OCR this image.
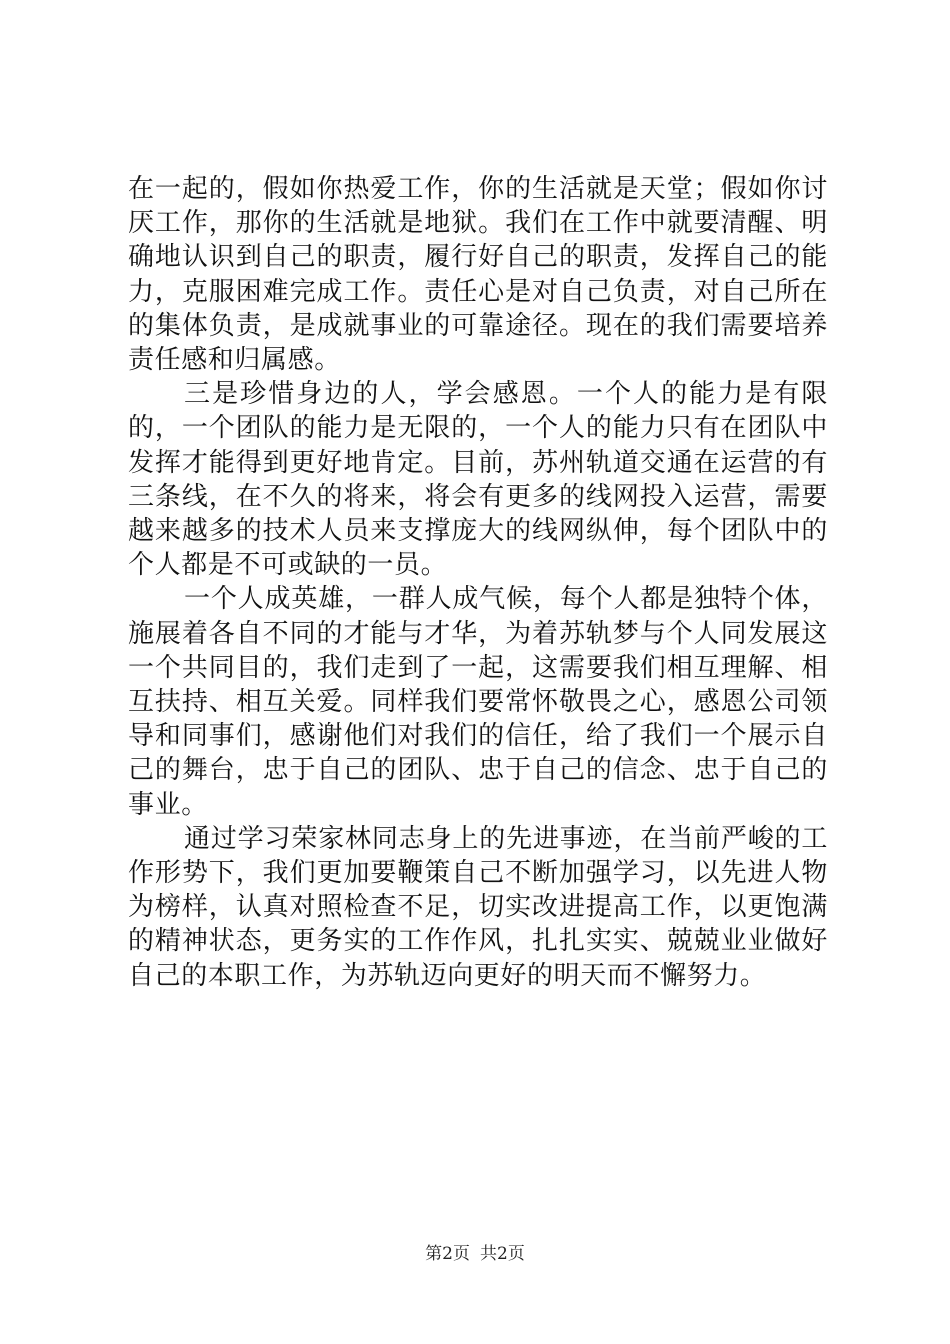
在一起的，假如你热爱工作，你的生活就是天堂；假如你讨厌工作，那你的生活就是地狱。我们在工作中就要清醒、明确地认识到自己的职责，履行好自己的职责，发挥自己的能力，克服困难完成工作。责任心是对自己负责，对自己所在的集体负责，是成就事业的可靠途径。现在的我们需要培养责任感和归属感。

三是珍惜身边的人，学会感恩。一个人的能力是有限的，一个团队的能力是无限的，一个人的能力只有在团队中发挥才能得到更好地肯定。目前，苏州轨道交通在运营的有三条线，在不久的将来，将会有更多的线网投入运营，需要越来越多的技术人员来支撑庞大的线网纵伸，每个团队中的个人都是不可或缺的一员。

一个人成英雄，一群人成气候，每个人都是独特个体，施展着各自不同的才能与才华，为着苏轨梦与个人同发展这一个共同目的，我们走到了一起，这需要我们相互理解、相互扶持、相互关爱。同样我们要常怀敬畏之心，感恩公司领导和同事们，感谢他们对我们的信任，给了我们一个展示自己的舞台，忠于自己的团队、忠于自己的信念、忠于自己的事业。

通过学习荣家林同志身上的先进事迹，在当前严峻的工作形势下，我们更加要鞭策自己不断加强学习，以先进人物为榜样，认真对照检查不足，切实改进提高工作，以更饱满的精神状态，更务实的工作作风，扎扎实实、兢兢业业做好自己的本职工作，为苏轨迈向更好的明天而不懈努力。

第2页 共2页
